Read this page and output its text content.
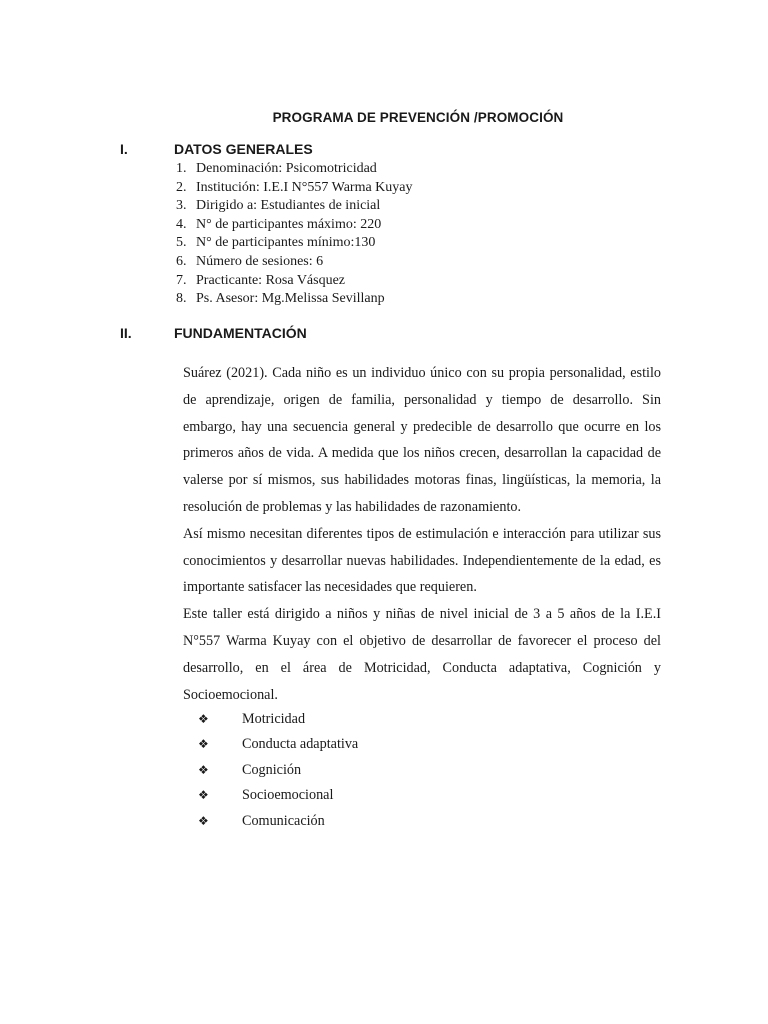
PROGRAMA DE PREVENCIÓN /PROMOCIÓN
I.	DATOS GENERALES
1. Denominación: Psicomotricidad
2. Institución: I.E.I N°557 Warma Kuyay
3. Dirigido a: Estudiantes de inicial
4. N° de participantes máximo: 220
5. N° de participantes mínimo:130
6. Número de sesiones: 6
7. Practicante: Rosa Vásquez
8. Ps. Asesor: Mg.Melissa Sevillanp
II.	FUNDAMENTACIÓN

Suárez (2021). Cada niño es un individuo único con su propia personalidad, estilo de aprendizaje, origen de familia, personalidad y tiempo de desarrollo. Sin embargo, hay una secuencia general y predecible de desarrollo que ocurre en los primeros años de vida. A medida que los niños crecen, desarrollan la capacidad de valerse por sí mismos, sus habilidades motoras finas, lingüísticas, la memoria, la resolución de problemas y las habilidades de razonamiento.

Así mismo necesitan diferentes tipos de estimulación e interacción para utilizar sus conocimientos y desarrollar nuevas habilidades. Independientemente de la edad, es importante satisfacer las necesidades que requieren.

Este taller está dirigido a niños y niñas de nivel inicial de 3 a 5 años de la I.E.I N°557 Warma Kuyay con el objetivo de desarrollar de favorecer el proceso del desarrollo, en el área de Motricidad, Conducta adaptativa, Cognición y Socioemocional.

❖ Motricidad
❖ Conducta adaptativa
❖ Cognición
❖ Socioemocional
❖ Comunicación
